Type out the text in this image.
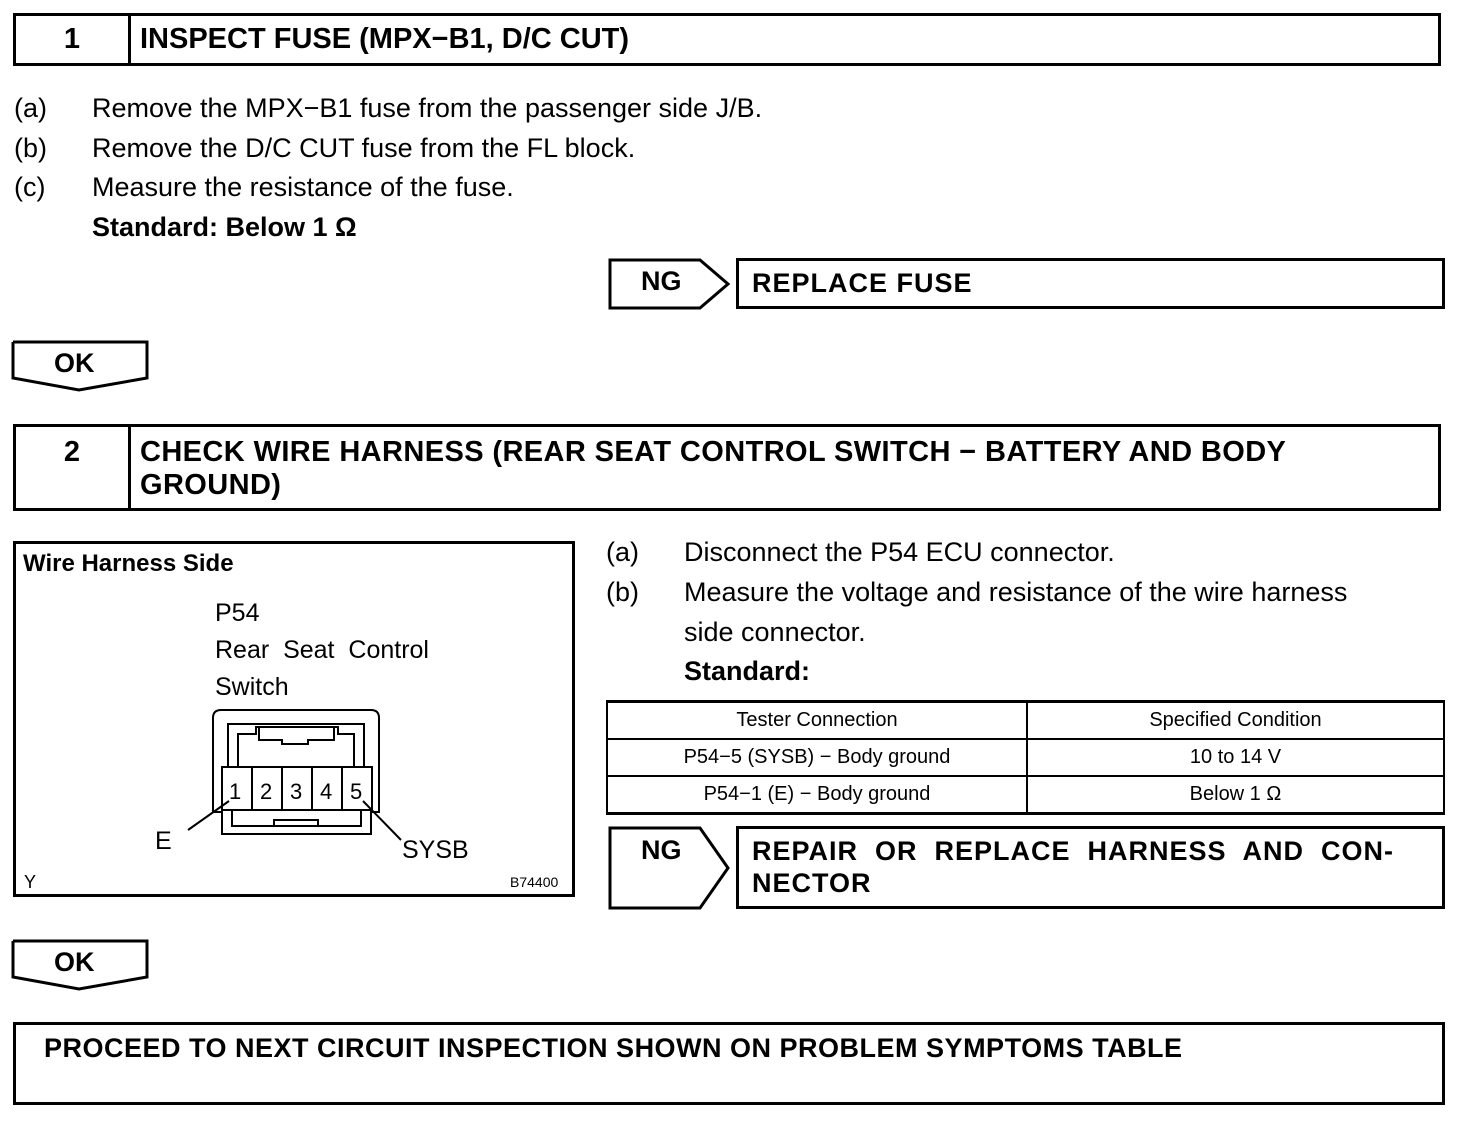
1	INSPECT FUSE (MPX−B1, D/C CUT)
(a) Remove the MPX−B1 fuse from the passenger side J/B.
(b) Remove the D/C CUT fuse from the FL block.
(c) Measure the resistance of the fuse.
Standard: Below 1 Ω
NG	REPLACE FUSE
OK
2	CHECK WIRE HARNESS (REAR SEAT CONTROL SWITCH − BATTERY AND BODY
GROUND)
Wire Harness Side
P54
Rear  Seat  Control
Switch
1 2 3 4 5
E	SYSB
Y	B74400
(a) Disconnect the P54 ECU connector.
(b) Measure the voltage and resistance of the wire harness
side connector.
Standard:
Tester Connection	Specified Condition
P54−5 (SYSB) − Body ground	10 to 14 V
P54−1 (E) − Body ground	Below 1 Ω
NG	REPAIR  OR  REPLACE  HARNESS  AND  CON-
NECTOR
OK
PROCEED TO NEXT CIRCUIT INSPECTION SHOWN ON PROBLEM SYMPTOMS TABLE
